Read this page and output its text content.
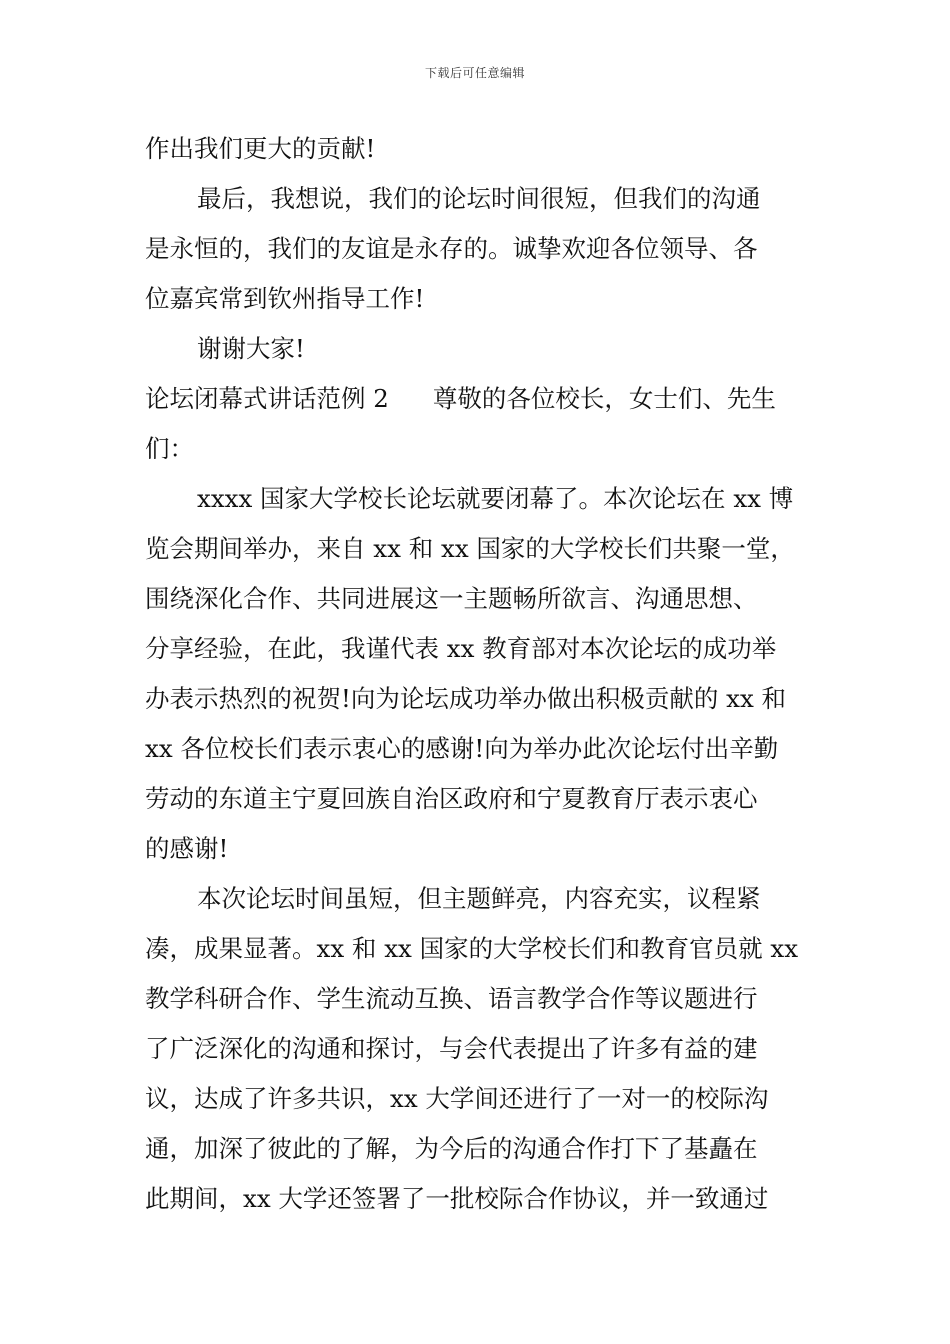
下载后可任意编辑
作出我们更大的贡献!
最后，我想说，我们的论坛时间很短，但我们的沟通
是永恒的，我们的友谊是永存的。诚挚欢迎各位领导、各
位嘉宾常到钦州指导工作!
谢谢大家!
论坛闭幕式讲话范例 2 尊敬的各位校长，女士们、先生
们：
xxxx 国家大学校长论坛就要闭幕了。本次论坛在 xx 博
览会期间举办，来自 xx 和 xx 国家的大学校长们共聚一堂，
围绕深化合作、共同进展这一主题畅所欲言、沟通思想、
分享经验，在此，我谨代表 xx 教育部对本次论坛的成功举
办表示热烈的祝贺!向为论坛成功举办做出积极贡献的 xx 和
xx 各位校长们表示衷心的感谢!向为举办此次论坛付出辛勤
劳动的东道主宁夏回族自治区政府和宁夏教育厅表示衷心
的感谢!
本次论坛时间虽短，但主题鲜亮，内容充实，议程紧
凑，成果显著。xx 和 xx 国家的大学校长们和教育官员就 xx
教学科研合作、学生流动互换、语言教学合作等议题进行
了广泛深化的沟通和探讨，与会代表提出了许多有益的建
议，达成了许多共识，xx 大学间还进行了一对一的校际沟
通，加深了彼此的了解，为今后的沟通合作打下了基矗在
此期间，xx 大学还签署了一批校际合作协议，并一致通过
